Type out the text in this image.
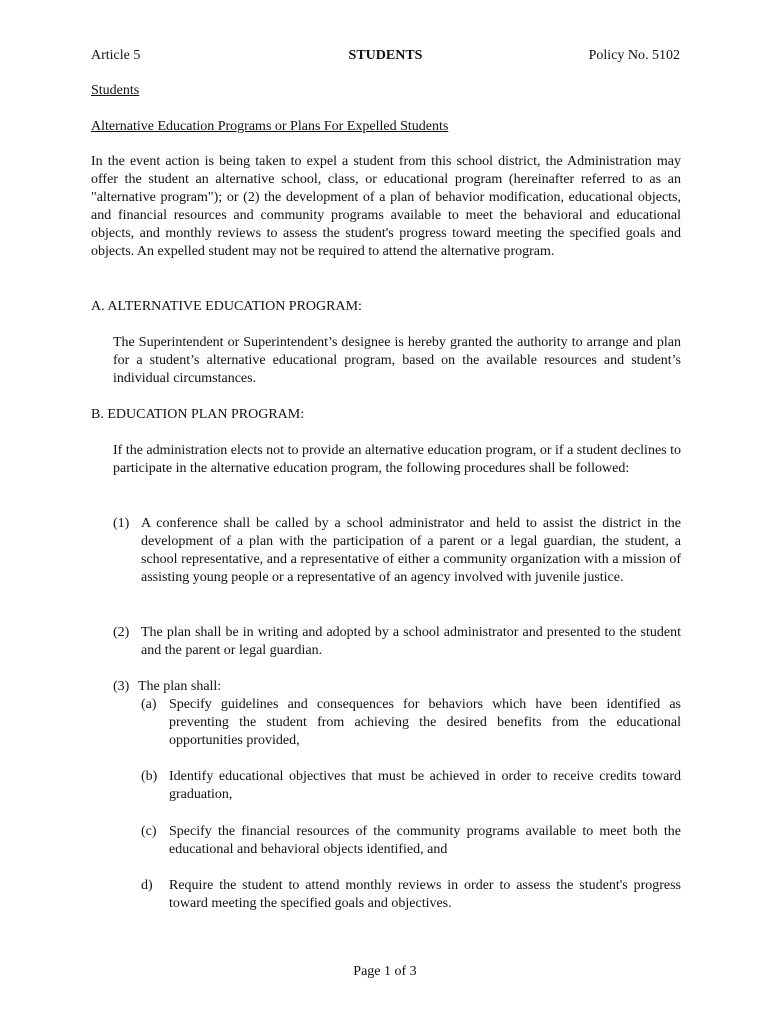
Article 5	STUDENTS	Policy No. 5102
Students
Alternative Education Programs or Plans For Expelled Students
In the event action is being taken to expel a student from this school district, the Administration may offer the student an alternative school, class, or educational program (hereinafter referred to as an "alternative program"); or (2) the development of a plan of behavior modification, educational objects, and financial resources and community programs available to meet the behavioral and educational objects, and monthly reviews to assess the student's progress toward meeting the specified goals and objects. An expelled student may not be required to attend the alternative program.
A. ALTERNATIVE EDUCATION PROGRAM:
The Superintendent or Superintendent’s designee is hereby granted the authority to arrange and plan for a student’s alternative educational program, based on the available resources and student’s individual circumstances.
B. EDUCATION PLAN PROGRAM:
If the administration elects not to provide an alternative education program, or if a student declines to participate in the alternative education program, the following procedures shall be followed:
(1) A conference shall be called by a school administrator and held to assist the district in the development of a plan with the participation of a parent or a legal guardian, the student, a school representative, and a representative of either a community organization with a mission of assisting young people or a representative of an agency involved with juvenile justice.
(2) The plan shall be in writing and adopted by a school administrator and presented to the student and the parent or legal guardian.
(3) The plan shall:
(a) Specify guidelines and consequences for behaviors which have been identified as preventing the student from achieving the desired benefits from the educational opportunities provided,
(b) Identify educational objectives that must be achieved in order to receive credits toward graduation,
(c) Specify the financial resources of the community programs available to meet both the educational and behavioral objects identified, and
d) Require the student to attend monthly reviews in order to assess the student's progress toward meeting the specified goals and objectives.
Page 1 of 3
